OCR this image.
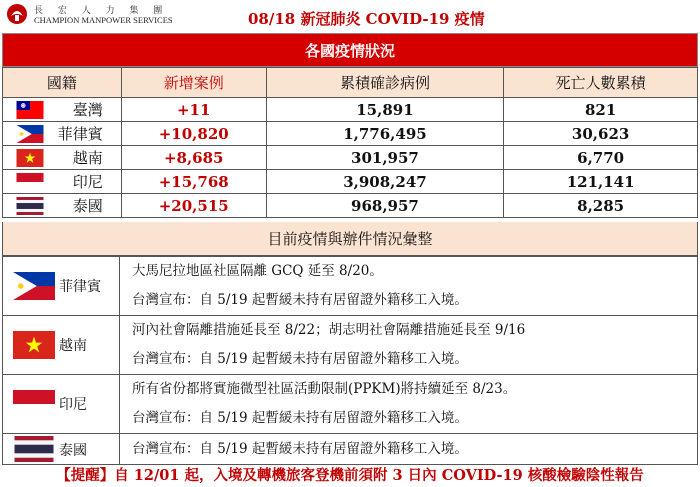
長 宏 人 力 集 團
CHAMPION MANPOWER SERVICES	08/18 新冠肺炎 COVID-19 疫情
各國疫情狀況
國籍	新增案例	累積確診病例	死亡人數累積

臺灣	+11	15,891	821

菲律賓	+10,820	1,776,495	30,623

越南	+8,685	301,957	6,770

印尼	+15,768	3,908,247	121,141

泰國	+20,515	968,957	8,285
目前疫情與辦件情況彙整
菲律賓	大馬尼拉地區社區隔離 GCQ 延至 8/20。
台灣宣布：自 5/19 起暫緩未持有居留證外籍移工入境。

越南	河內社會隔離措施延長至 8/22；胡志明社會隔離措施延長至 9/16
台灣宣布：自 5/19 起暫緩未持有居留證外籍移工入境。

印尼	所有省份都將實施微型社區活動限制(PPKM)將持續延至 8/23。
台灣宣布：自 5/19 起暫緩未持有居留證外籍移工入境。

泰國	台灣宣布：自 5/19 起暫緩未持有居留證外籍移工入境。
【提醒】自 12/01 起，入境及轉機旅客登機前須附 3 日內 COVID-19 核酸檢驗陰性報告
